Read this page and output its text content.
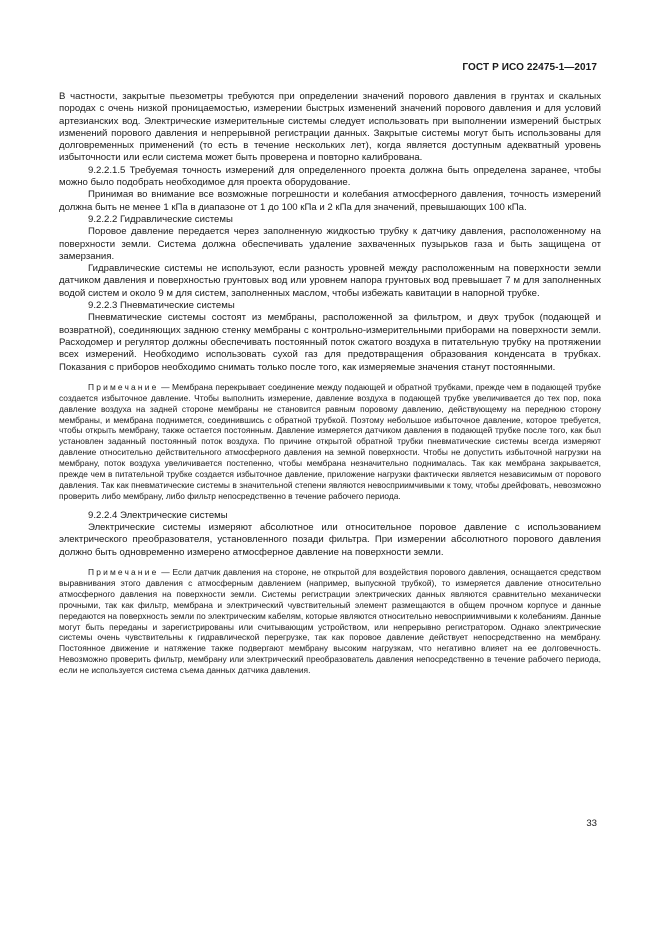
ГОСТ Р ИСО 22475-1—2017

В частности, закрытые пьезометры требуются при определении значений порового давления в грунтах и скальных породах с очень низкой проницаемостью, измерении быстрых изменений значений порового давления и для условий артезианских вод. Электрические измерительные системы следует использовать при выполнении измерений быстрых изменений порового давления и непрерывной регистрации данных. Закрытые системы могут быть использованы для долговременных применений (то есть в течение нескольких лет), когда является доступным адекватный уровень избыточности или если система может быть проверена и повторно калибрована.

9.2.2.1.5 Требуемая точность измерений для определенного проекта должна быть определена заранее, чтобы можно было подобрать необходимое для проекта оборудование.

Принимая во внимание все возможные погрешности и колебания атмосферного давления, точность измерений должна быть не менее 1 кПа в диапазоне от 1 до 100 кПа и 2 кПа для значений, превышающих 100 кПа.

9.2.2.2 Гидравлические системы

Поровое давление передается через заполненную жидкостью трубку к датчику давления, расположенному на поверхности земли. Система должна обеспечивать удаление захваченных пузырьков газа и быть защищена от замерзания.

Гидравлические системы не используют, если разность уровней между расположенным на поверхности земли датчиком давления и поверхностью грунтовых вод или уровнем напора грунтовых вод превышает 7 м для заполненных водой систем и около 9 м для систем, заполненных маслом, чтобы избежать кавитации в напорной трубке.

9.2.2.3 Пневматические системы

Пневматические системы состоят из мембраны, расположенной за фильтром, и двух трубок (подающей и возвратной), соединяющих заднюю стенку мембраны с контрольно-измерительными приборами на поверхности земли. Расходомер и регулятор должны обеспечивать постоянный поток сжатого воздуха в питательную трубку на протяжении всех измерений. Необходимо использовать сухой газ для предотвращения образования конденсата в трубках. Показания с приборов необходимо снимать только после того, как измеряемые значения станут постоянными.

Примечание — Мембрана перекрывает соединение между подающей и обратной трубками, прежде чем в подающей трубке создается избыточное давление. Чтобы выполнить измерение, давление воздуха в подающей трубке увеличивается до тех пор, пока давление воздуха на задней стороне мембраны не становится равным поровому давлению, действующему на переднюю сторону мембраны, и мембрана поднимется, соединившись с обратной трубкой. Поэтому небольшое избыточное давление, которое требуется, чтобы открыть мембрану, также остается постоянным. Давление измеряется датчиком давления в подающей трубке после того, как был установлен заданный постоянный поток воздуха. По причине открытой обратной трубки пневматические системы всегда измеряют давление относительно действительного атмосферного давления на земной поверхности. Чтобы не допустить избыточной нагрузки на мембрану, поток воздуха увеличивается постепенно, чтобы мембрана незначительно поднималась. Так как мембрана закрывается, прежде чем в питательной трубке создается избыточное давление, приложение нагрузки фактически является независимым от порового давления. Так как пневматические системы в значительной степени являются невосприимчивыми к тому, чтобы дрейфовать, невозможно проверить либо мембрану, либо фильтр непосредственно в течение рабочего периода.

9.2.2.4 Электрические системы

Электрические системы измеряют абсолютное или относительное поровое давление с использованием электрического преобразователя, установленного позади фильтра. При измерении абсолютного порового давления должно быть одновременно измерено атмосферное давление на поверхности земли.

Примечание — Если датчик давления на стороне, не открытой для воздействия порового давления, оснащается средством выравнивания этого давления с атмосферным давлением (например, выпускной трубкой), то измеряется давление относительно атмосферного давления на поверхности земли. Системы регистрации электрических данных являются сравнительно механически прочными, так как фильтр, мембрана и электрический чувствительный элемент размещаются в общем прочном корпусе и данные передаются на поверхность земли по электрическим кабелям, которые являются относительно невосприимчивыми к колебаниям. Данные могут быть переданы и зарегистрированы или считывающим устройством, или непрерывно регистратором. Однако электрические системы очень чувствительны к гидравлической перегрузке, так как поровое давление действует непосредственно на мембрану. Постоянное движение и натяжение также подвергают мембрану высоким нагрузкам, что негативно влияет на ее долговечность. Невозможно проверить фильтр, мембрану или электрический преобразователь давления непосредственно в течение рабочего периода, если не используется система съема данных датчика давления.

33
